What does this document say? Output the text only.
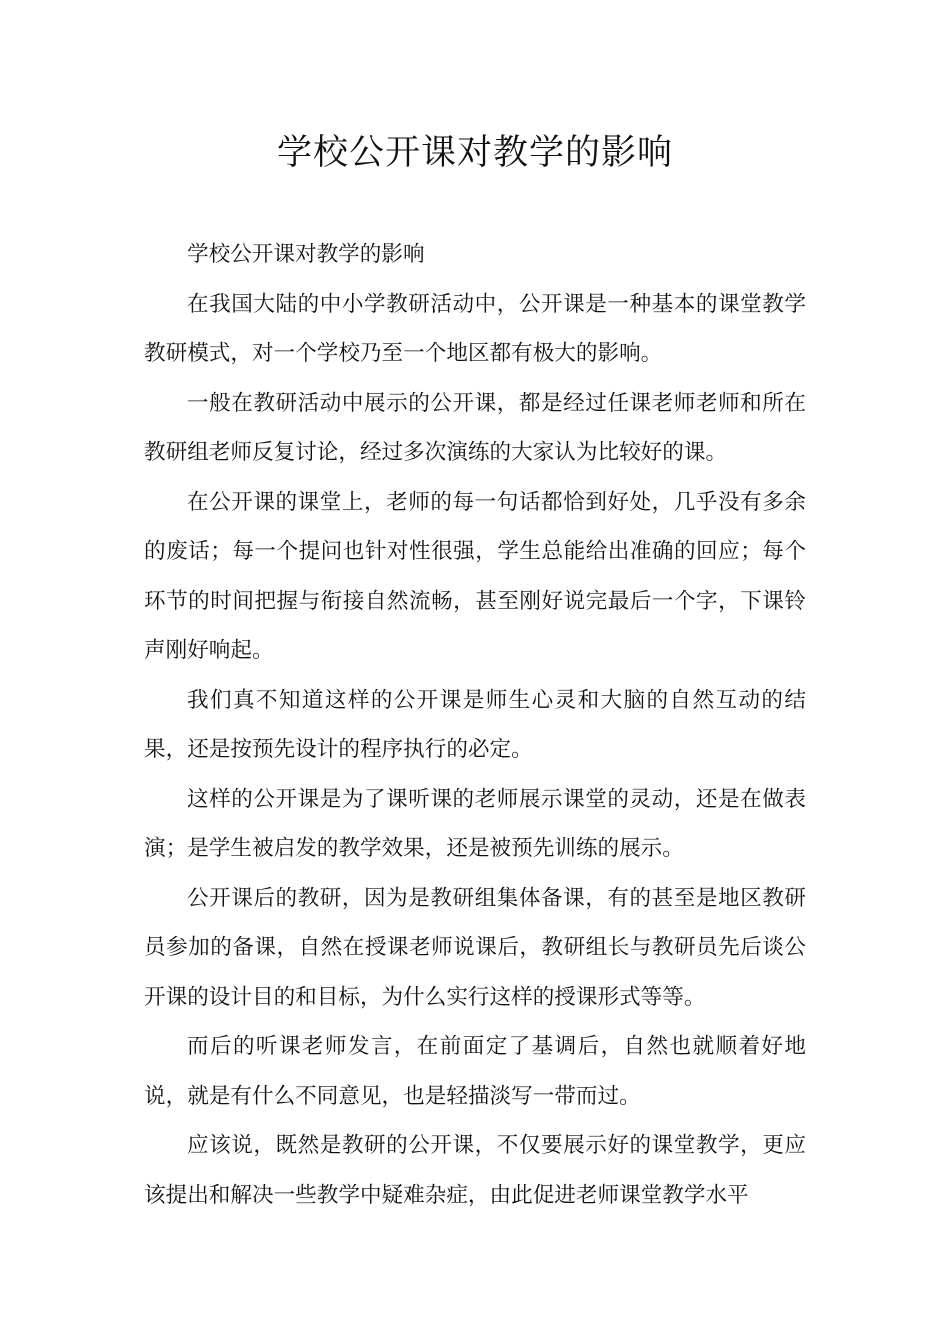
学校公开课对教学的影响

学校公开课对教学的影响

在我国大陆的中小学教研活动中，公开课是一种基本的课堂教学教研模式，对一个学校乃至一个地区都有极大的影响。

一般在教研活动中展示的公开课，都是经过任课老师老师和所在教研组老师反复讨论，经过多次演练的大家认为比较好的课。

在公开课的课堂上，老师的每一句话都恰到好处，几乎没有多余的废话；每一个提问也针对性很强，学生总能给出准确的回应；每个环节的时间把握与衔接自然流畅，甚至刚好说完最后一个字，下课铃声刚好响起。

我们真不知道这样的公开课是师生心灵和大脑的自然互动的结果，还是按预先设计的程序执行的必定。

这样的公开课是为了课听课的老师展示课堂的灵动，还是在做表演；是学生被启发的教学效果，还是被预先训练的展示。

公开课后的教研，因为是教研组集体备课，有的甚至是地区教研员参加的备课，自然在授课老师说课后，教研组长与教研员先后谈公开课的设计目的和目标，为什么实行这样的授课形式等等。

而后的听课老师发言，在前面定了基调后，自然也就顺着好地说，就是有什么不同意见，也是轻描淡写一带而过。

应该说，既然是教研的公开课，不仅要展示好的课堂教学，更应该提出和解决一些教学中疑难杂症，由此促进老师课堂教学水平
